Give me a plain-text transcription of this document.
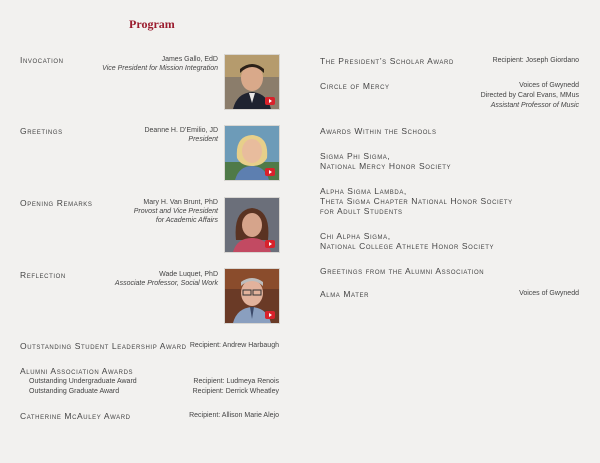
Program
Invocation	James Gallo, EdD
Vice President for Mission Integration
Greetings	Deanne H. D’Emilio, JD
President
Opening Remarks	Mary H. Van Brunt, PhD
Provost and Vice President
for Academic Affairs
Reflection	Wade Luquet, PhD
Associate Professor, Social Work
Outstanding Student Leadership Award Recipient: Andrew Harbaugh
Alumni Association Awards
Outstanding Undergraduate Award	Recipient: Ludmeya Renois
Outstanding Graduate Award	Recipient: Derrick Wheatley
Catherine McAuley Award	Recipient: Allison Marie Alejo
The President’s Scholar Award	Recipient: Joseph Giordano
Circle of Mercy	Voices of Gwynedd
Directed by Carol Evans, MMus
Assistant Professor of Music
Awards Within the Schools
Sigma Phi Sigma,
National Mercy Honor Society
Alpha Sigma Lambda,
Theta Sigma Chapter National Honor Society
for Adult Students
Chi Alpha Sigma,
National College Athlete Honor Society
Greetings from the Alumni Association
Alma Mater	Voices of Gwynedd
